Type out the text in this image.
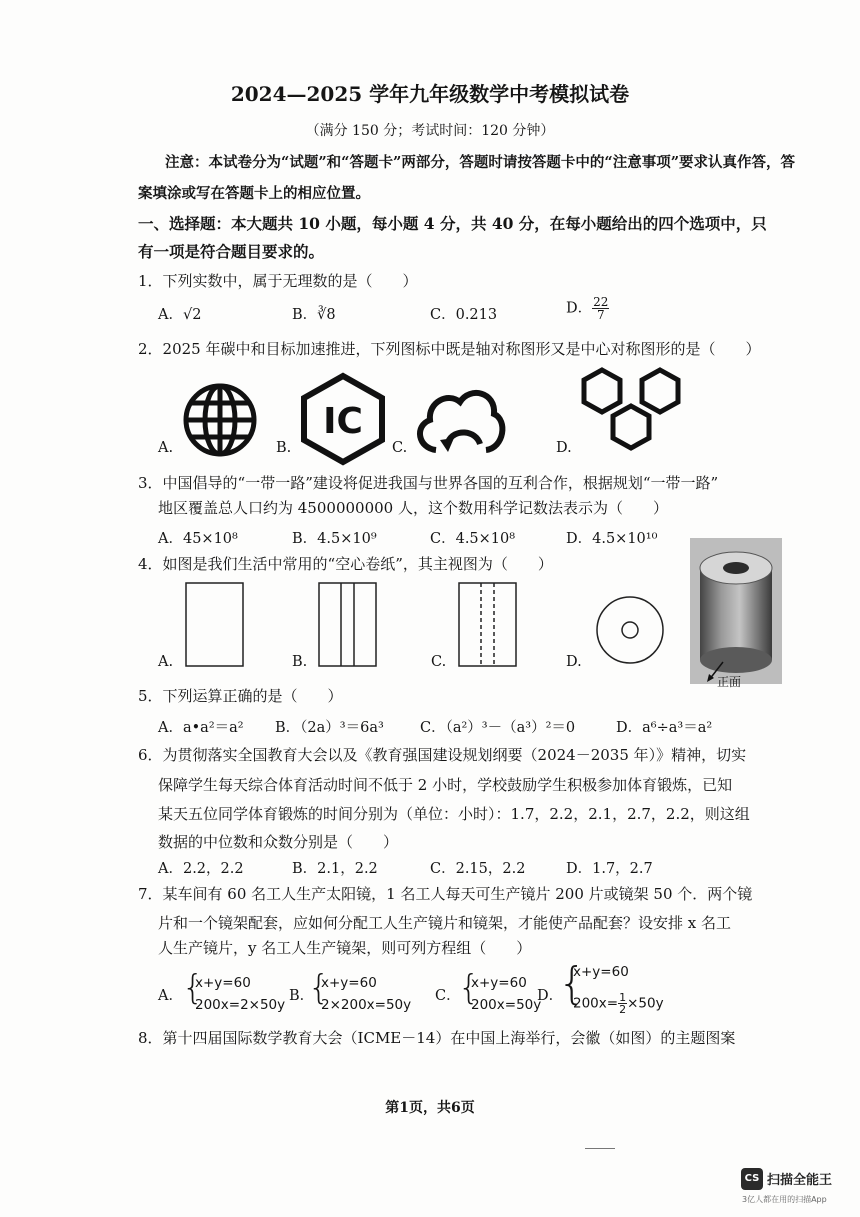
2024—2025 学年九年级数学中考模拟试卷
（满分 150 分；考试时间：120 分钟）
注意：本试卷分为“试题”和“答题卡”两部分，答题时请按答题卡中的“注意事项”要求认真作答，答
案填涂或写在答题卡上的相应位置。
一、选择题：本大题共 10 小题，每小题 4 分，共 40 分，在每小题给出的四个选项中，只
有一项是符合题目要求的。
1．下列实数中，属于无理数的是（　　）
A．√2	B．∛8	C．0.213	D． $\frac{22}{7}$
2．2025 年碳中和目标加速推进，下列图标中既是轴对称图形又是中心对称图形的是（　　）
IC
A.	B.	C.	D.
3．中国倡导的“一带一路”建设将促进我国与世界各国的互利合作，根据规划“一带一路”
地区覆盖总人口约为 4500000000 人，这个数用科学记数法表示为（　　）
A．45×10⁸	B．4.5×10⁹	C．4.5×10⁸	D．4.5×10¹⁰
4．如图是我们生活中常用的“空心卷纸”，其主视图为（　　）
正面
A.	B.	C.	D.
5．下列运算正确的是（　　）
A．a•a²＝a² B．（2a）³＝6a³ C．（a²）³－（a³）²＝0	D．a⁶÷a³＝a²
6．为贯彻落实全国教育大会以及《教育强国建设规划纲要（2024－2035 年）》精神，切实
保障学生每天综合体育活动时间不低于 2 小时，学校鼓励学生积极参加体育锻炼，已知
某天五位同学体育锻炼的时间分别为（单位：小时）：1.7，2.2，2.1，2.7，2.2，则这组
数据的中位数和众数分别是（　　）
A．2.2，2.2	B．2.1，2.2	C．2.15，2.2	D．1.7，2.7
7．某车间有 60 名工人生产太阳镜，1 名工人每天可生产镜片 200 片或镜架 50 个．两个镜
片和一个镜架配套，应如何分配工人生产镜片和镜架，才能使产品配套？设安排 x 名工
人生产镜片，y 名工人生产镜架，则可列方程组（　　）
A． {
x+y=60
200x=2×50y
B．
{
x+y=60
2×200x=50y
C．
{
x+y=60
200x=50y
D．
{
x+y=60
$200x= \frac{1}{2} \times 50y$
8．第十四届国际数学教育大会（ICME－14）在中国上海举行，会徽（如图）的主题图案
第1页，共6页
CS 扫描全能王
3亿人都在用的扫描App
